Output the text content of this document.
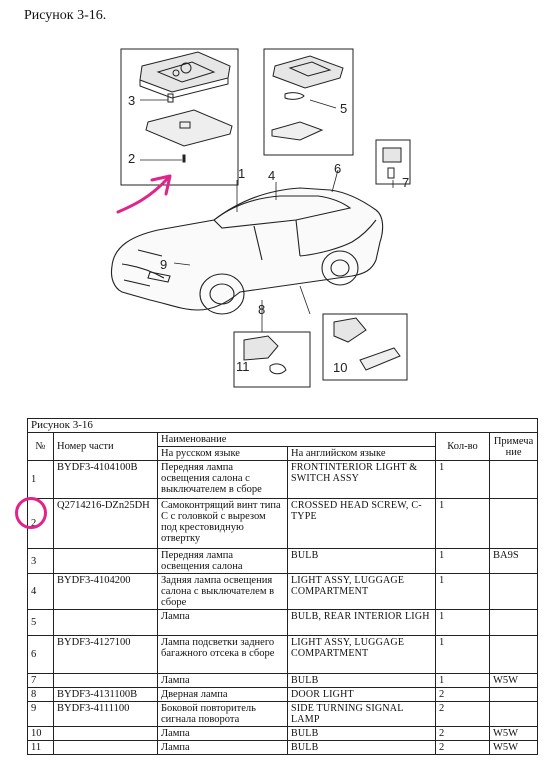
Рисунок 3-16.
1
2
3
4
5
6
7
8
9
10
11
Рисунок 3-16					
№	Номер части	Наименование		Кол-во	Примеча ние
		На русском языке	На английском языке		
1	BYDF3-4104100B	Передняя лампа освещения салона с выключателем в сборе	FRONTINTERIOR LIGHT & SWITCH ASSY	1	
2	Q2714216-DZn25DH	Самоконтрящий винт типа С с головкой с вырезом под крестовидную отвертку	CROSSED HEAD SCREW, C-TYPE	1	
3		Передняя лампа освещения салона	BULB	1	BA9S
4	BYDF3-4104200	Задняя лампа освещения салона с выключателем в сборе	LIGHT ASSY, LUGGAGE COMPARTMENT	1	
5		Лампа	BULB, REAR INTERIOR LIGH	1	
6	BYDF3-4127100	Лампа подсветки заднего багажного отсека в сборе	LIGHT ASSY, LUGGAGE COMPARTMENT	1	
7		Лампа	BULB	1	W5W
8	BYDF3-4131100B	Дверная лампа	DOOR LIGHT	2	
9	BYDF3-4111100	Боковой повторитель сигнала поворота	SIDE TURNING SIGNAL LAMP	2	
10		Лампа	BULB	2	W5W
11		Лампа	BULB	2	W5W
